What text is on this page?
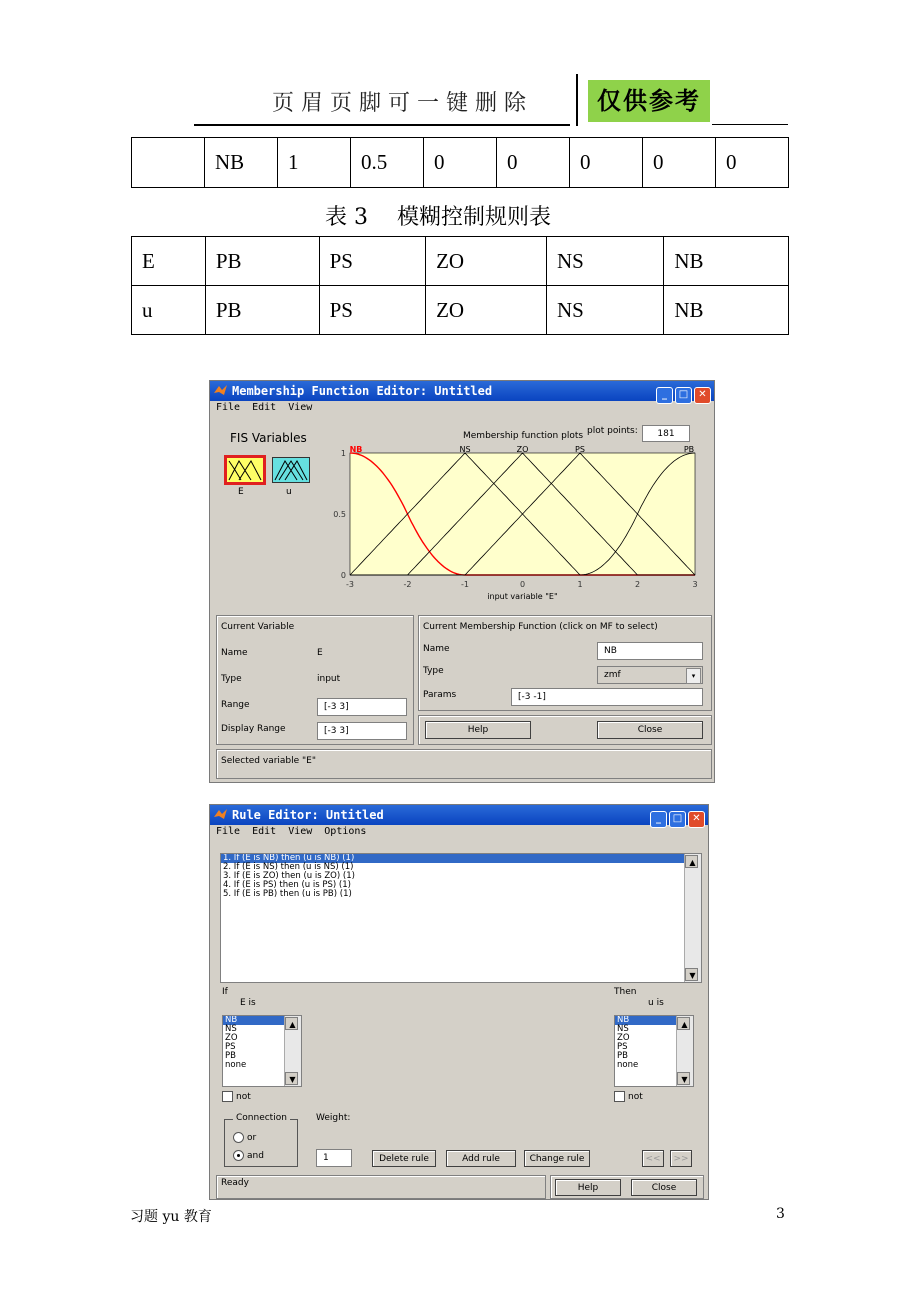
页眉页脚可一键删除	仅供参考
	NB	1	0.5	0	0	0	0	0
表 3　 模糊控制规则表
E	PB	PS	ZO	NS	NB
u	PB	PS	ZO	NS	NB
Membership Function Editor: Untitled	_ □ ✕
File Edit View
FIS Variables
E	u
Membership function plots plot points:	181
-3	-2	-1	0	1	2	3
0
0.5
1
input variable "E"
NB	NS	ZO	PS	PB
Current Variable
Name	E
Type	input
Range	[-3 3]
Display Range	[-3 3]
Current Membership Function (click on MF to select)
Name	NB
Type	zmf	▾
Params	[-3 -1]
Help	Close
Selected variable "E"
Rule Editor: Untitled	_ □ ✕
File Edit View Options
1. If (E is NB) then (u is NB) (1)
2. If (E is NS) then (u is NS) (1)
3. If (E is ZO) then (u is ZO) (1)
4. If (E is PS) then (u is PS) (1)
5. If (E is PB) then (u is PB) (1)
▲
▼
If
E is
Then
u is
NB
NS
ZO
PS
PB
none
▲
▼
not
NB
NS
ZO
PS
PB
none
▲
▼
not
Connection
or
and
Weight:
1	Delete rule	Add rule	Change rule	<<	>>
Ready	Help	Close
习题 yu 教育	3
